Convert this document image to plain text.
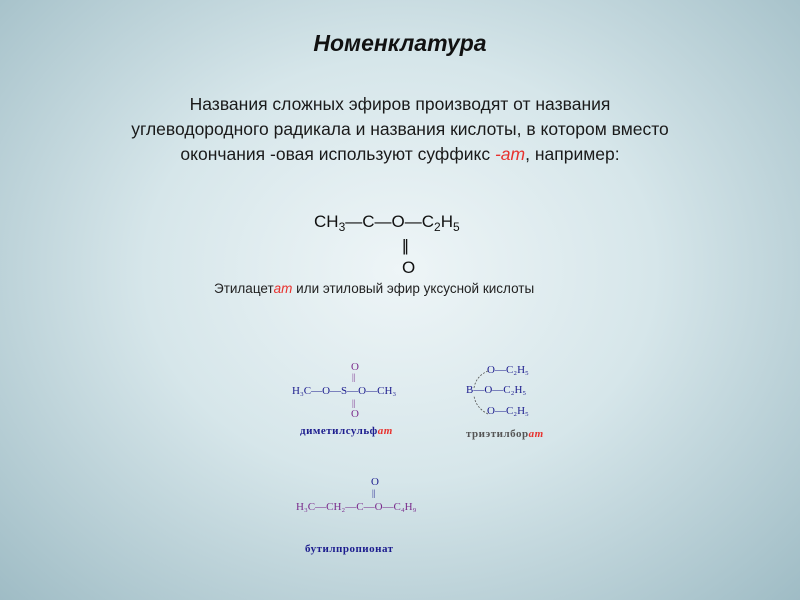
Номенклатура
Названия сложных эфиров производят от названия
углеводородного радикала и названия кислоты, в котором вместо
окончания -овая используют суффикс -ат, например:
$CH_3—C—O—C_2H_5$
||
O
Этилацетат или этиловый эфир уксусной кислоты
O
||
H₃C—O—S—O—CH₃
||
O
диметилсульфат
O—C₂H₅
B—O—C₂H₅
O—C₂H₅
триэтилборат
O
||
H₃C—CH₂—C—O—C₄H₉
бутилпропионат
